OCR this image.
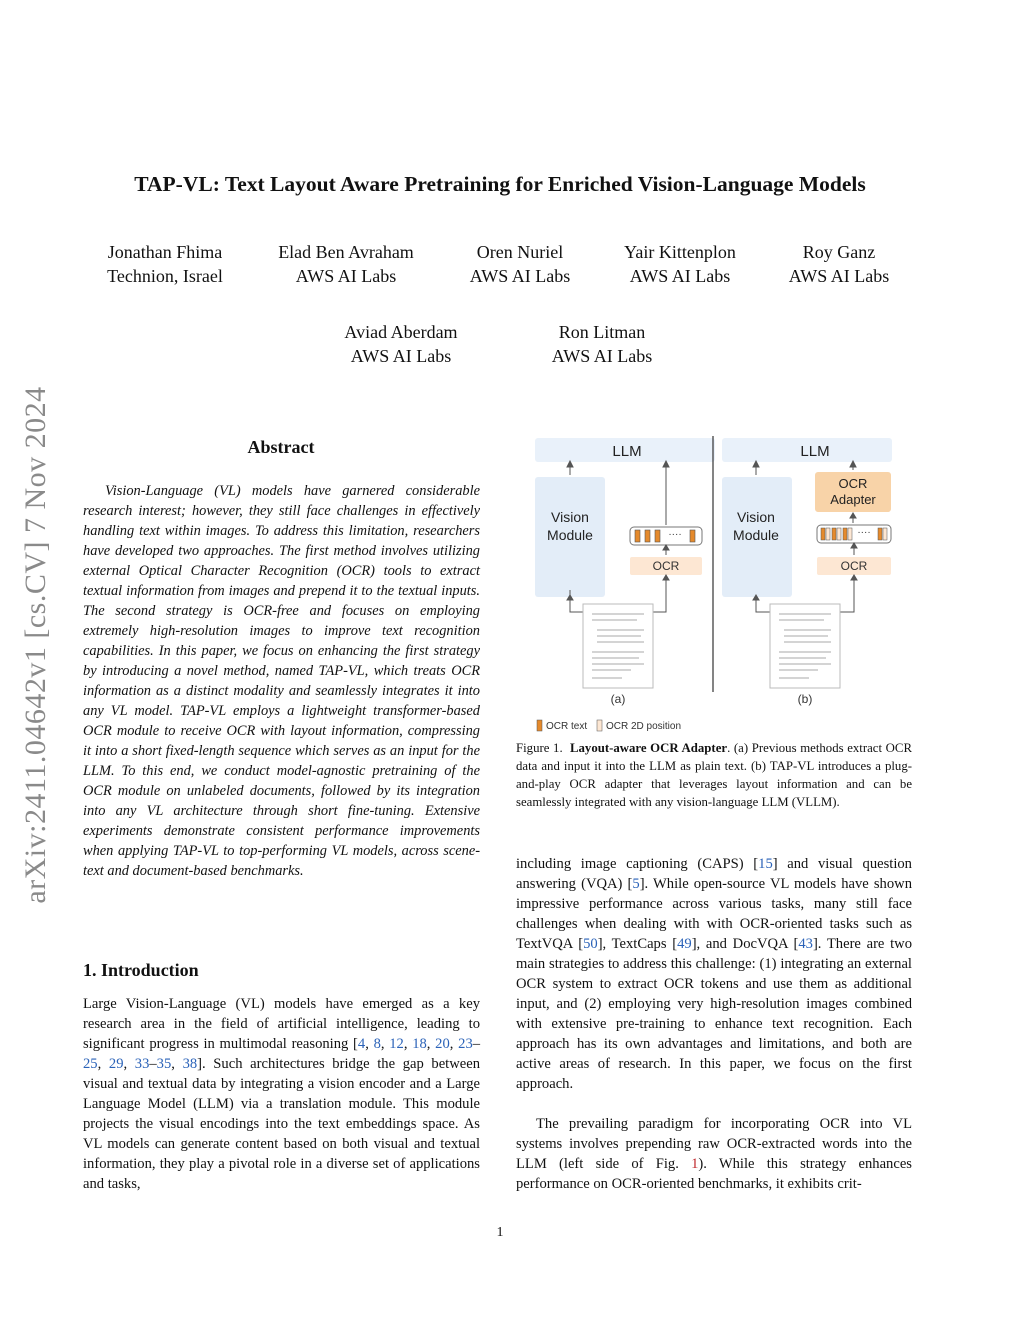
arXiv:2411.04642v1 [cs.CV] 7 Nov 2024
TAP-VL: Text Layout Aware Pretraining for Enriched Vision-Language Models
Jonathan Fhima
Technion, Israel
Elad Ben Avraham
AWS AI Labs
Oren Nuriel
AWS AI Labs
Yair Kittenplon
AWS AI Labs
Roy Ganz
AWS AI Labs
Aviad Aberdam
AWS AI Labs
Ron Litman
AWS AI Labs
Abstract
Vision-Language (VL) models have garnered considerable research interest; however, they still face challenges in effectively handling text within images. To address this limitation, researchers have developed two approaches. The first method involves utilizing external Optical Character Recognition (OCR) tools to extract textual information from images and prepend it to the textual inputs. The second strategy is OCR-free and focuses on employing extremely high-resolution images to improve text recognition capabilities. In this paper, we focus on enhancing the first strategy by introducing a novel method, named TAP-VL, which treats OCR information as a distinct modality and seamlessly integrates it into any VL model. TAP-VL employs a lightweight transformer-based OCR module to receive OCR with layout information, compressing it into a short fixed-length sequence which serves as an input for the LLM. To this end, we conduct model-agnostic pretraining of the OCR module on unlabeled documents, followed by its integration into any VL architecture through short fine-tuning. Extensive experiments demonstrate consistent performance improvements when applying TAP-VL to top-performing VL models, across scene-text and document-based benchmarks.
1. Introduction
Large Vision-Language (VL) models have emerged as a key research area in the field of artificial intelligence, leading to significant progress in multimodal reasoning [4, 8, 12, 18, 20, 23–25, 29, 33–35, 38]. Such architectures bridge the gap between visual and textual data by integrating a vision encoder and a Large Language Model (LLM) via a translation module. This module projects the visual encodings into the text embeddings space. As VL models can generate content based on both visual and textual information, they play a pivotal role in a diverse set of applications and tasks,
LLM
Vision Module	····
OCR
(a)
LLM
Vision Module
OCR Adapter
····
OCR
(b)
OCR text OCR 2D position
Figure 1. Layout-aware OCR Adapter. (a) Previous methods extract OCR data and input it into the LLM as plain text. (b) TAP-VL introduces a plug-and-play OCR adapter that leverages layout information and can be seamlessly integrated with any vision-language LLM (VLLM).
including image captioning (CAPS) [15] and visual question answering (VQA) [5]. While open-source VL models have shown impressive performance across various tasks, many still face challenges when dealing with with OCR-oriented tasks such as TextVQA [50], TextCaps [49], and DocVQA [43]. There are two main strategies to address this challenge: (1) integrating an external OCR system to extract OCR tokens and use them as additional input, and (2) employing very high-resolution images combined with extensive pre-training to enhance text recognition. Each approach has its own advantages and limitations, and both are active areas of research. In this paper, we focus on the first approach.
The prevailing paradigm for incorporating OCR into VL systems involves prepending raw OCR-extracted words into the LLM (left side of Fig. 1). While this strategy enhances performance on OCR-oriented benchmarks, it exhibits crit-
1
